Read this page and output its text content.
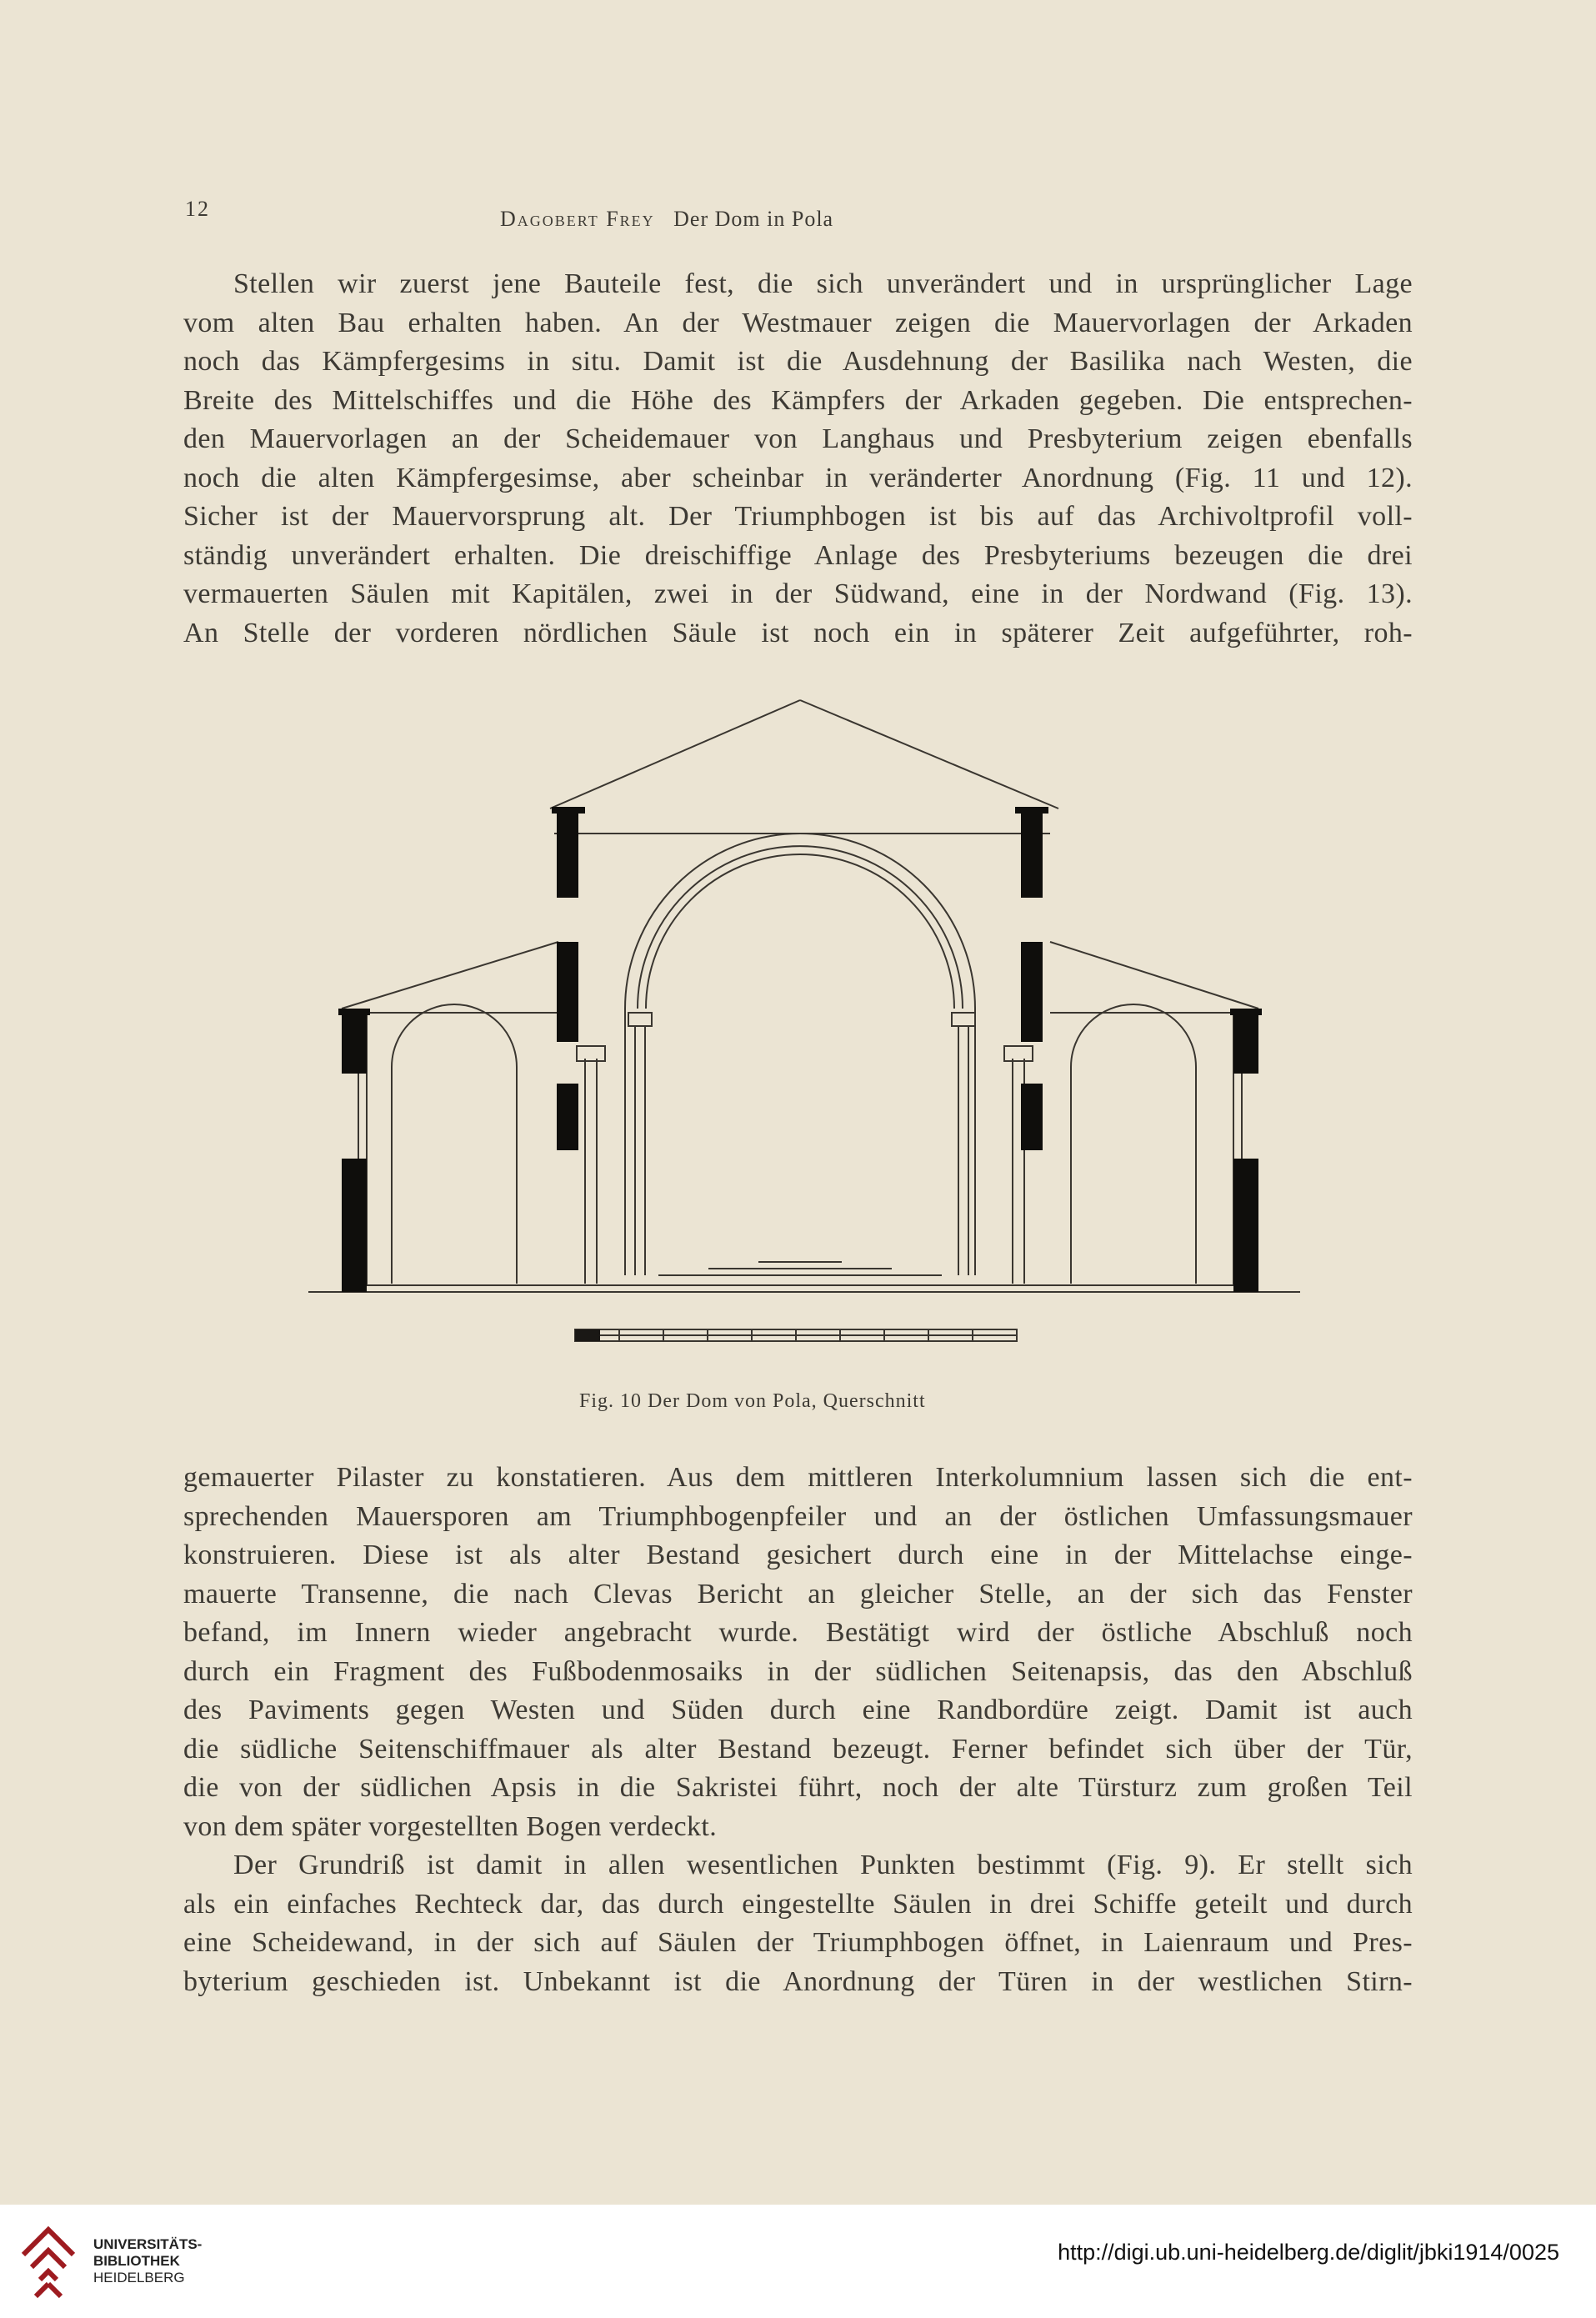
12	Dagobert Frey Der Dom in Pola
Stellen wir zuerst jene Bauteile fest, die sich unverändert und in ursprünglicher Lage
vom alten Bau erhalten haben. An der Westmauer zeigen die Mauervorlagen der Arkaden
noch das Kämpfergesims in situ. Damit ist die Ausdehnung der Basilika nach Westen, die
Breite des Mittelschiffes und die Höhe des Kämpfers der Arkaden gegeben. Die entsprechen-
den Mauervorlagen an der Scheidemauer von Langhaus und Presbyterium zeigen ebenfalls
noch die alten Kämpfergesimse, aber scheinbar in veränderter Anordnung (Fig. 11 und 12).
Sicher ist der Mauervorsprung alt. Der Triumphbogen ist bis auf das Archivoltprofil voll-
ständig unverändert erhalten. Die dreischiffige Anlage des Presbyteriums bezeugen die drei
vermauerten Säulen mit Kapitälen, zwei in der Südwand, eine in der Nordwand (Fig. 13).
An Stelle der vorderen nördlichen Säule ist noch ein in späterer Zeit aufgeführter, roh-
Fig. 10 Der Dom von Pola, Querschnitt
gemauerter Pilaster zu konstatieren. Aus dem mittleren Interkolumnium lassen sich die ent-
sprechenden Mauersporen am Triumphbogenpfeiler und an der östlichen Umfassungsmauer
konstruieren. Diese ist als alter Bestand gesichert durch eine in der Mittelachse einge-
mauerte Transenne, die nach Clevas Bericht an gleicher Stelle, an der sich das Fenster
befand, im Innern wieder angebracht wurde. Bestätigt wird der östliche Abschluß noch
durch ein Fragment des Fußbodenmosaiks in der südlichen Seitenapsis, das den Abschluß
des Paviments gegen Westen und Süden durch eine Randbordüre zeigt. Damit ist auch
die südliche Seitenschiffmauer als alter Bestand bezeugt. Ferner befindet sich über der Tür,
die von der südlichen Apsis in die Sakristei führt, noch der alte Türsturz zum großen Teil
von dem später vorgestellten Bogen verdeckt.
Der Grundriß ist damit in allen wesentlichen Punkten bestimmt (Fig. 9). Er stellt sich
als ein einfaches Rechteck dar, das durch eingestellte Säulen in drei Schiffe geteilt und durch
eine Scheidewand, in der sich auf Säulen der Triumphbogen öffnet, in Laienraum und Pres-
byterium geschieden ist. Unbekannt ist die Anordnung der Türen in der westlichen Stirn-
UNIVERSITÄTS-
BIBLIOTHEK
HEIDELBERG
http://digi.ub.uni-heidelberg.de/diglit/jbki1914/0025
